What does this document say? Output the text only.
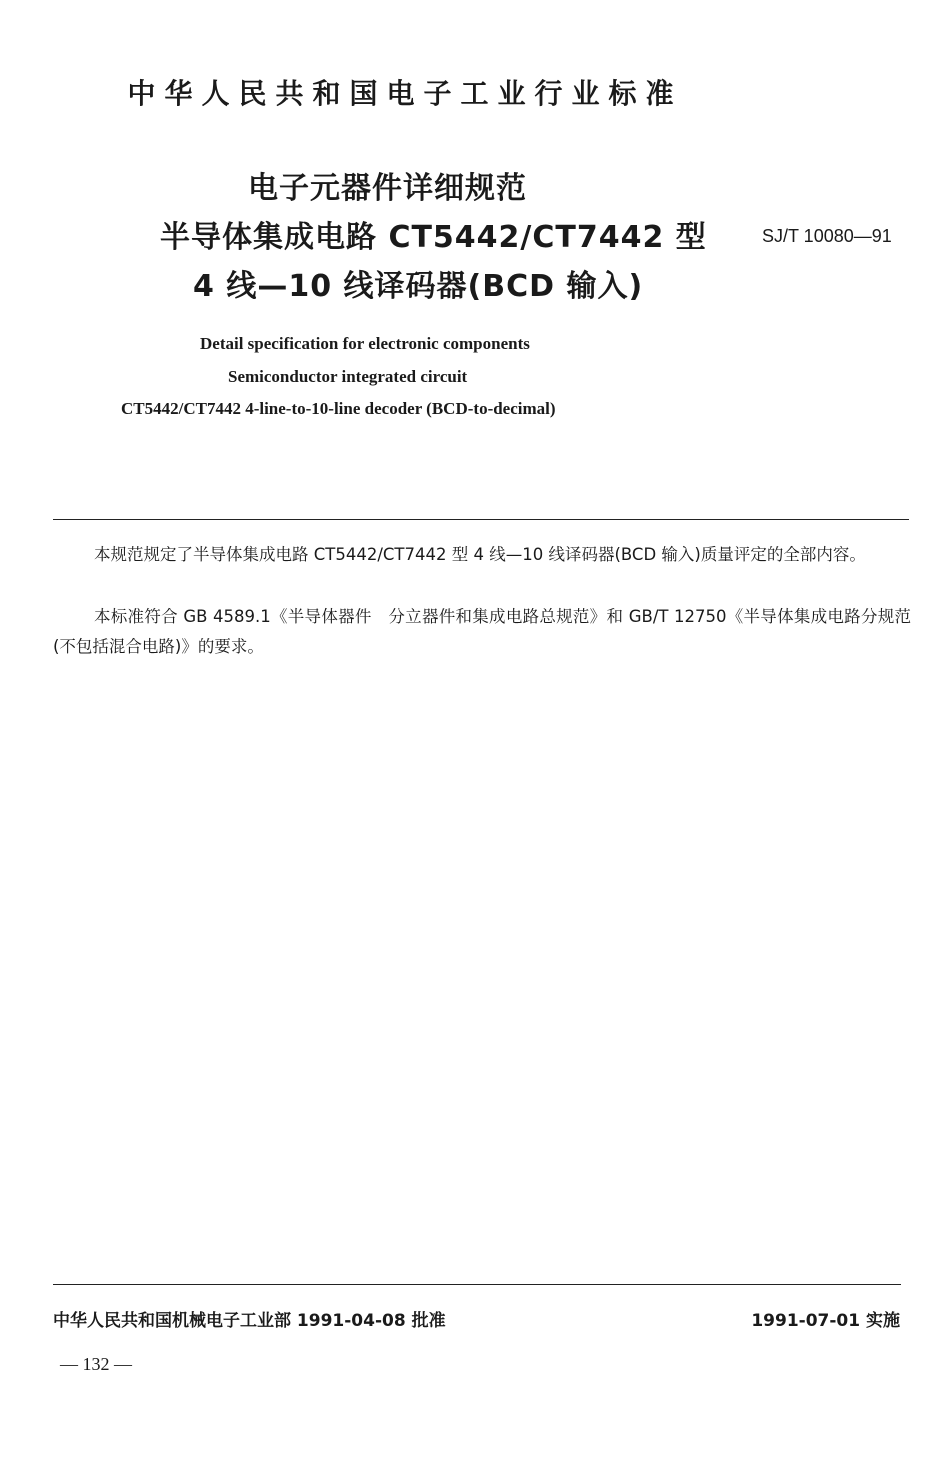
中华人民共和国电子工业行业标准
电子元器件详细规范
半导体集成电路 CT5442/CT7442 型
4 线—10 线译码器(BCD 输入)
SJ/T 10080—91
Detail specification for electronic components
Semiconductor integrated circuit
CT5442/CT7442 4-line-to-10-line decoder (BCD-to-decimal)

本规范规定了半导体集成电路 CT5442/CT7442 型 4 线—10 线译码器(BCD 输入)质量评定的全部内容。

本标准符合 GB 4589.1《半导体器件　分立器件和集成电路总规范》和 GB/T 12750《半导体集成电路分规范(不包括混合电路)》的要求。

中华人民共和国机械电子工业部 1991-04-08 批准	1991-07-01 实施
— 132 —
